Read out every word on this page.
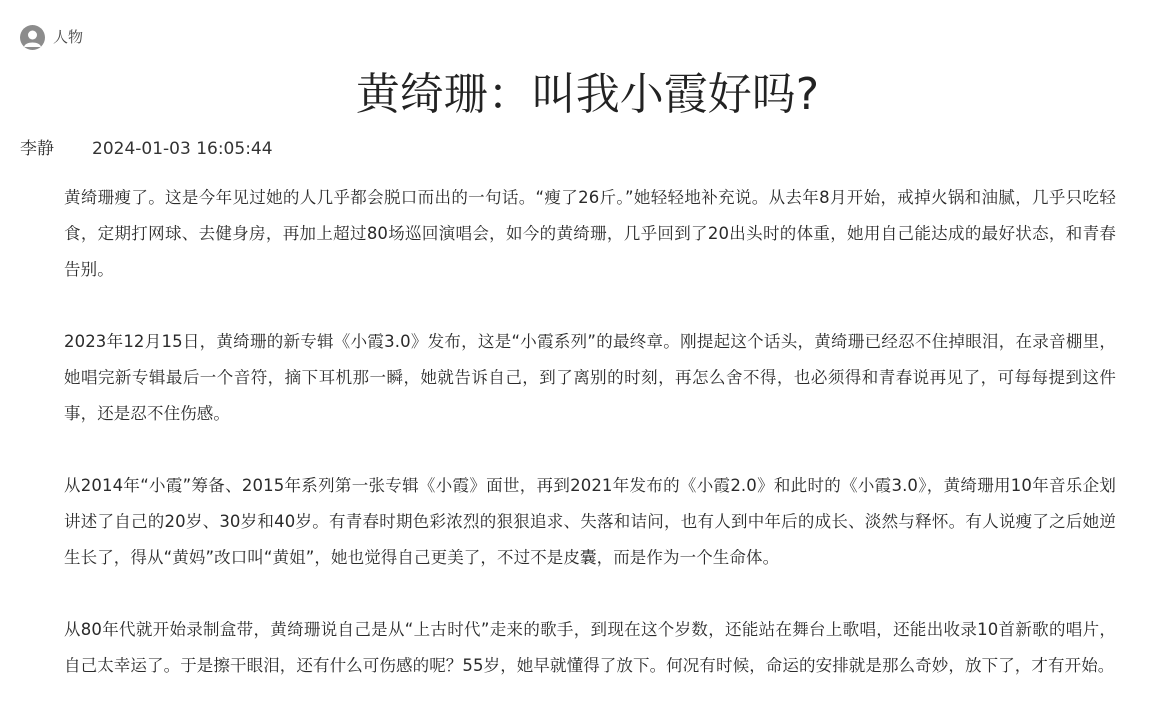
人物
黄绮珊：叫我小霞好吗?
李静 2024-01-03 16:05:44

黄绮珊瘦了。这是今年见过她的人几乎都会脱口而出的一句话。“瘦了26斤。”她轻轻地补充说。从去年8月开始，戒掉火锅和油腻，几乎只吃轻食，定期打网球、去健身房，再加上超过80场巡回演唱会，如今的黄绮珊，几乎回到了20出头时的体重，她用自己能达成的最好状态，和青春告别。

2023年12月15日，黄绮珊的新专辑《小霞3.0》发布，这是“小霞系列”的最终章。刚提起这个话头，黄绮珊已经忍不住掉眼泪，在录音棚里，她唱完新专辑最后一个音符，摘下耳机那一瞬，她就告诉自己，到了离别的时刻，再怎么舍不得，也必须得和青春说再见了，可每每提到这件事，还是忍不住伤感。

从2014年“小霞”筹备、2015年系列第一张专辑《小霞》面世，再到2021年发布的《小霞2.0》和此时的《小霞3.0》，黄绮珊用10年音乐企划讲述了自己的20岁、30岁和40岁。有青春时期色彩浓烈的狠狠追求、失落和诘问，也有人到中年后的成长、淡然与释怀。有人说瘦了之后她逆生长了，得从“黄妈”改口叫“黄姐”，她也觉得自己更美了，不过不是皮囊，而是作为一个生命体。

从80年代就开始录制盒带，黄绮珊说自己是从“上古时代”走来的歌手，到现在这个岁数，还能站在舞台上歌唱，还能出收录10首新歌的唱片，自己太幸运了。于是擦干眼泪，还有什么可伤感的呢？55岁，她早就懂得了放下。何况有时候，命运的安排就是那么奇妙，放下了，才有开始。
